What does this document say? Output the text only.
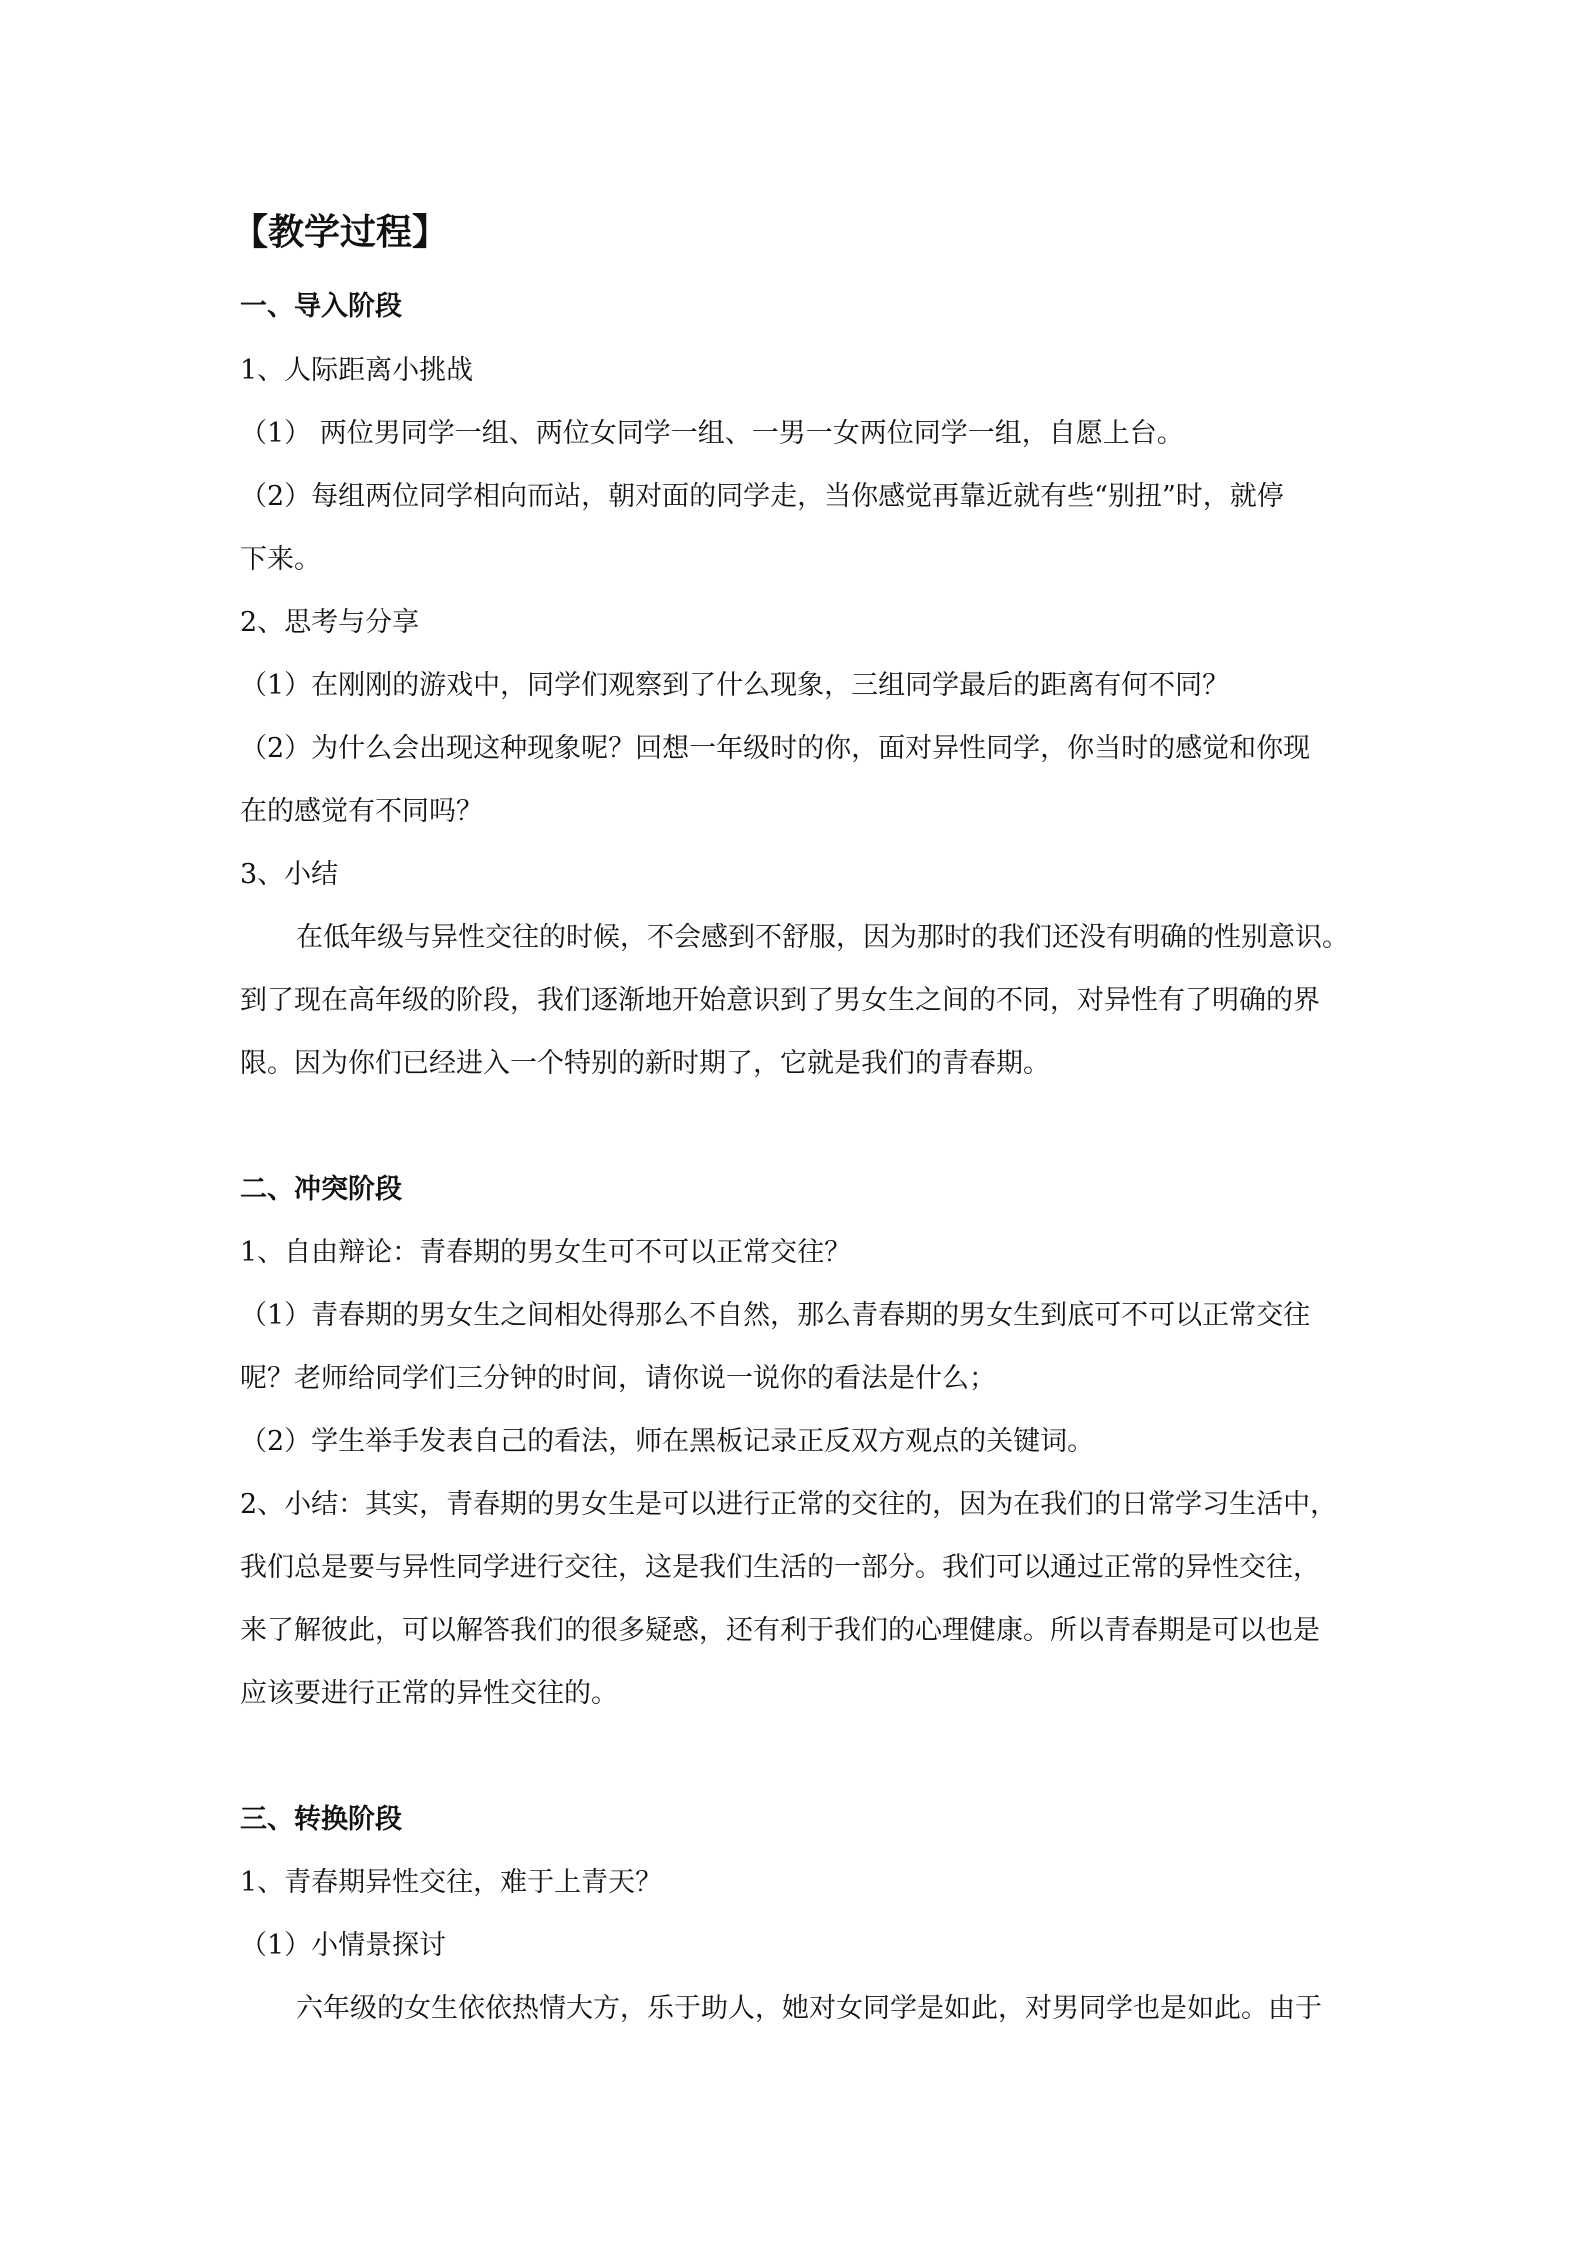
【教学过程】
一、导入阶段
1、人际距离小挑战
（1） 两位男同学一组、两位女同学一组、一男一女两位同学一组，自愿上台。
（2）每组两位同学相向而站，朝对面的同学走，当你感觉再靠近就有些“别扭”时，就停
下来。
2、思考与分享
（1）在刚刚的游戏中，同学们观察到了什么现象，三组同学最后的距离有何不同？
（2）为什么会出现这种现象呢？回想一年级时的你，面对异性同学，你当时的感觉和你现
在的感觉有不同吗？
3、小结
在低年级与异性交往的时候，不会感到不舒服，因为那时的我们还没有明确的性别意识。
到了现在高年级的阶段，我们逐渐地开始意识到了男女生之间的不同，对异性有了明确的界
限。因为你们已经进入一个特别的新时期了，它就是我们的青春期。
二、冲突阶段
1、自由辩论：青春期的男女生可不可以正常交往？
（1）青春期的男女生之间相处得那么不自然，那么青春期的男女生到底可不可以正常交往
呢？老师给同学们三分钟的时间，请你说一说你的看法是什么；
（2）学生举手发表自己的看法，师在黑板记录正反双方观点的关键词。
2、小结：其实，青春期的男女生是可以进行正常的交往的，因为在我们的日常学习生活中，
我们总是要与异性同学进行交往，这是我们生活的一部分。我们可以通过正常的异性交往，
来了解彼此，可以解答我们的很多疑惑，还有利于我们的心理健康。所以青春期是可以也是
应该要进行正常的异性交往的。
三、转换阶段
1、青春期异性交往，难于上青天？
（1）小情景探讨
六年级的女生依依热情大方，乐于助人，她对女同学是如此，对男同学也是如此。由于
